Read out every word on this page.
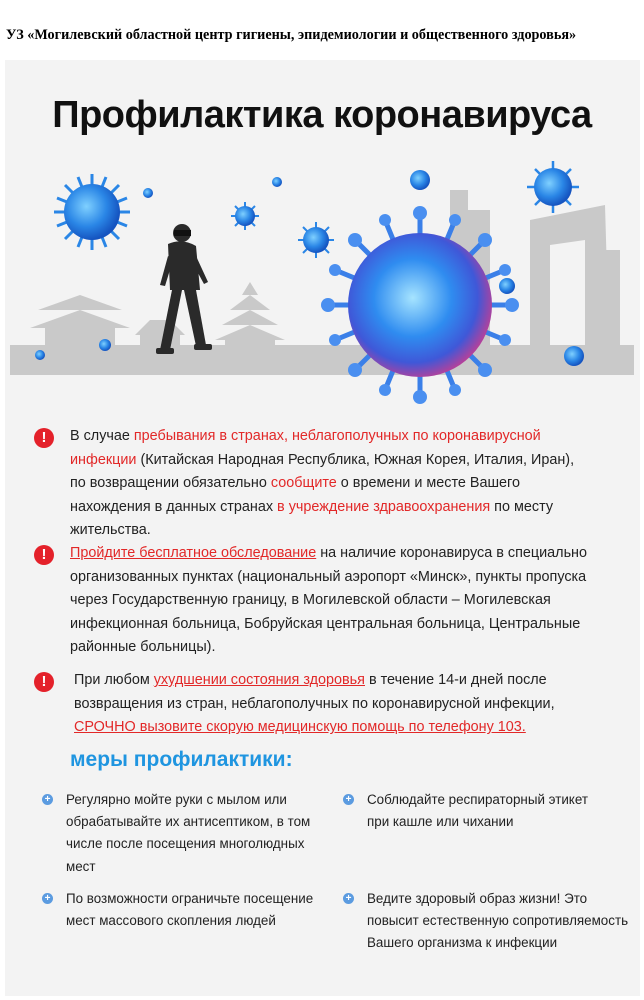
УЗ «Могилевский областной центр гигиены, эпидемиологии и общественного здоровья»
Профилактика коронавируса
!	В случае пребывания в странах, неблагополучных по коронавирусной
инфекции (Китайская Народная Республика, Южная Корея, Италия, Иран),
по возвращении обязательно сообщите о времени и месте Вашего
нахождения в данных странах в учреждение здравоохранения по месту
жительства.
!	Пройдите бесплатное обследование на наличие коронавируса в специально
организованных пунктах (национальный аэропорт «Минск», пункты пропуска
через Государственную границу, в Могилевской области – Могилевская
инфекционная больница, Бобруйская центральная больница, Центральные
районные больницы).
!	При любом ухудшении состояния здоровья в течение 14-и дней после
возвращения из стран, неблагополучных по коронавирусной инфекции,
СРОЧНО вызовите скорую медицинскую помощь по телефону 103.
меры профилактики:
+ Регулярно мойте руки с мылом или
обрабатывайте их антисептиком, в том
числе после посещения многолюдных
мест
+ Соблюдайте респираторный этикет
при кашле или чихании
+ По возможности ограничьте посещение
мест массового скопления людей
+ Ведите здоровый образ жизни! Это
повысит естественную сопротивляемость
Вашего организма к инфекции
